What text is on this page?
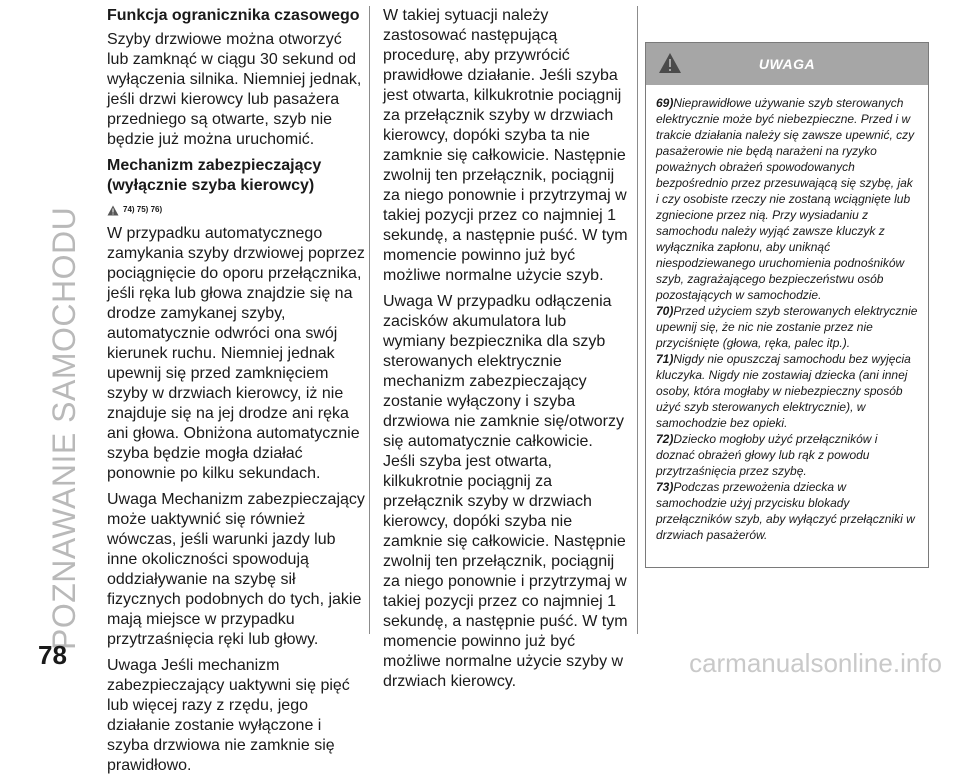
POZNAWANIE SAMOCHODU
Funkcja ogranicznika czasowego

Szyby drzwiowe można otworzyć lub zamknąć w ciągu 30 sekund od wyłączenia silnika. Niemniej jednak, jeśli drzwi kierowcy lub pasażera przedniego są otwarte, szyb nie będzie już można uruchomić.

Mechanizm zabezpieczający (wyłącznie szyba kierowcy)
74) 75) 76)

W przypadku automatycznego zamykania szyby drzwiowej poprzez pociągnięcie do oporu przełącznika, jeśli ręka lub głowa znajdzie się na drodze zamykanej szyby, automatycznie odwróci ona swój kierunek ruchu. Niemniej jednak upewnij się przed zamknięciem szyby w drzwiach kierowcy, iż nie znajduje się na jej drodze ani ręka ani głowa. Obniżona automatycznie szyba będzie mogła działać ponownie po kilku sekundach.

Uwaga Mechanizm zabezpieczający może uaktywnić się również wówczas, jeśli warunki jazdy lub inne okoliczności spowodują oddziaływanie na szybę sił fizycznych podobnych do tych, jakie mają miejsce w przypadku przytrzaśnięcia ręki lub głowy.

Uwaga Jeśli mechanizm zabezpieczający uaktywni się pięć lub więcej razy z rzędu, jego działanie zostanie wyłączone i szyba drzwiowa nie zamknie się prawidłowo.

W takiej sytuacji należy zastosować następującą procedurę, aby przywrócić prawidłowe działanie. Jeśli szyba jest otwarta, kilkukrotnie pociągnij za przełącznik szyby w drzwiach kierowcy, dopóki szyba ta nie zamknie się całkowicie. Następnie zwolnij ten przełącznik, pociągnij za niego ponownie i przytrzymaj w takiej pozycji przez co najmniej 1 sekundę, a następnie puść. W tym momencie powinno już być możliwe normalne użycie szyb.

Uwaga W przypadku odłączenia zacisków akumulatora lub wymiany bezpiecznika dla szyb sterowanych elektrycznie mechanizm zabezpieczający zostanie wyłączony i szyba drzwiowa nie zamknie się/otworzy się automatycznie całkowicie. Jeśli szyba jest otwarta, kilkukrotnie pociągnij za przełącznik szyby w drzwiach kierowcy, dopóki szyba nie zamknie się całkowicie. Następnie zwolnij ten przełącznik, pociągnij za niego ponownie i przytrzymaj w takiej pozycji przez co najmniej 1 sekundę, a następnie puść. W tym momencie powinno już być możliwe normalne użycie szyby w drzwiach kierowcy.

UWAGA

69)Nieprawidłowe używanie szyb sterowanych elektrycznie może być niebezpieczne. Przed i w trakcie działania należy się zawsze upewnić, czy pasażerowie nie będą narażeni na ryzyko poważnych obrażeń spowodowanych bezpośrednio przez przesuwającą się szybę, jak i czy osobiste rzeczy nie zostaną wciągnięte lub zgniecione przez nią. Przy wysiadaniu z samochodu należy wyjąć zawsze kluczyk z wyłącznika zapłonu, aby uniknąć niespodziewanego uruchomienia podnośników szyb, zagrażającego bezpieczeństwu osób pozostających w samochodzie.

70)Przed użyciem szyb sterowanych elektrycznie upewnij się, że nic nie zostanie przez nie przyciśnięte (głowa, ręka, palec itp.).

71)Nigdy nie opuszczaj samochodu bez wyjęcia kluczyka. Nigdy nie zostawiaj dziecka (ani innej osoby, która mogłaby w niebezpieczny sposób użyć szyb sterowanych elektrycznie), w samochodzie bez opieki.

72)Dziecko mogłoby użyć przełączników i doznać obrażeń głowy lub rąk z powodu przytrzaśnięcia przez szybę.

73)Podczas przewożenia dziecka w samochodzie użyj przycisku blokady przełączników szyb, aby wyłączyć przełączniki w drzwiach pasażerów.

78	carmanualsonline.info
